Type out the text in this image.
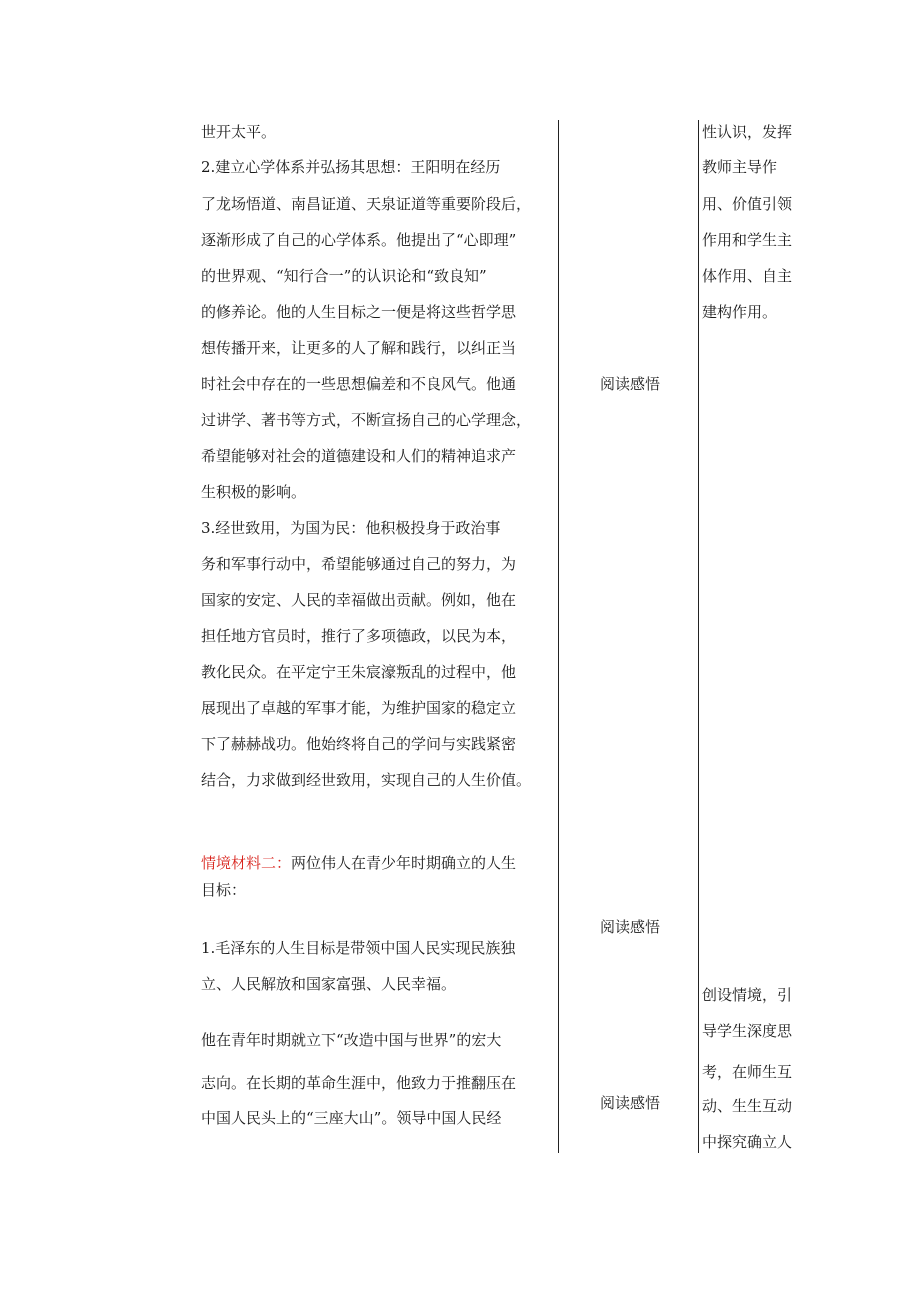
世开太平。
2.建立心学体系并弘扬其思想：王阳明在经历
了龙场悟道、南昌证道、天泉证道等重要阶段后，
逐渐形成了自己的心学体系。他提出了“心即理”
的世界观、“知行合一”的认识论和“致良知”
的修养论。他的人生目标之一便是将这些哲学思
想传播开来，让更多的人了解和践行，以纠正当
时社会中存在的一些思想偏差和不良风气。他通
过讲学、著书等方式，不断宣扬自己的心学理念，
希望能够对社会的道德建设和人们的精神追求产
生积极的影响。
3.经世致用，为国为民：他积极投身于政治事
务和军事行动中，希望能够通过自己的努力，为
国家的安定、人民的幸福做出贡献。例如，他在
担任地方官员时，推行了多项德政，以民为本，
教化民众。在平定宁王朱宸濠叛乱的过程中，他
展现出了卓越的军事才能，为维护国家的稳定立
下了赫赫战功。他始终将自己的学问与实践紧密
结合，力求做到经世致用，实现自己的人生价值。
情境材料二：两位伟人在青少年时期确立的人生
目标：
1.毛泽东的人生目标是带领中国人民实现民族独
立、人民解放和国家富强、人民幸福。
他在青年时期就立下“改造中国与世界”的宏大
志向。在长期的革命生涯中，他致力于推翻压在
中国人民头上的“三座大山”。领导中国人民经
阅读感悟
阅读感悟
阅读感悟
性认识，发挥
教师主导作
用、价值引领
作用和学生主
体作用、自主
建构作用。
创设情境，引
导学生深度思
考，在师生互
动、生生互动
中探究确立人
